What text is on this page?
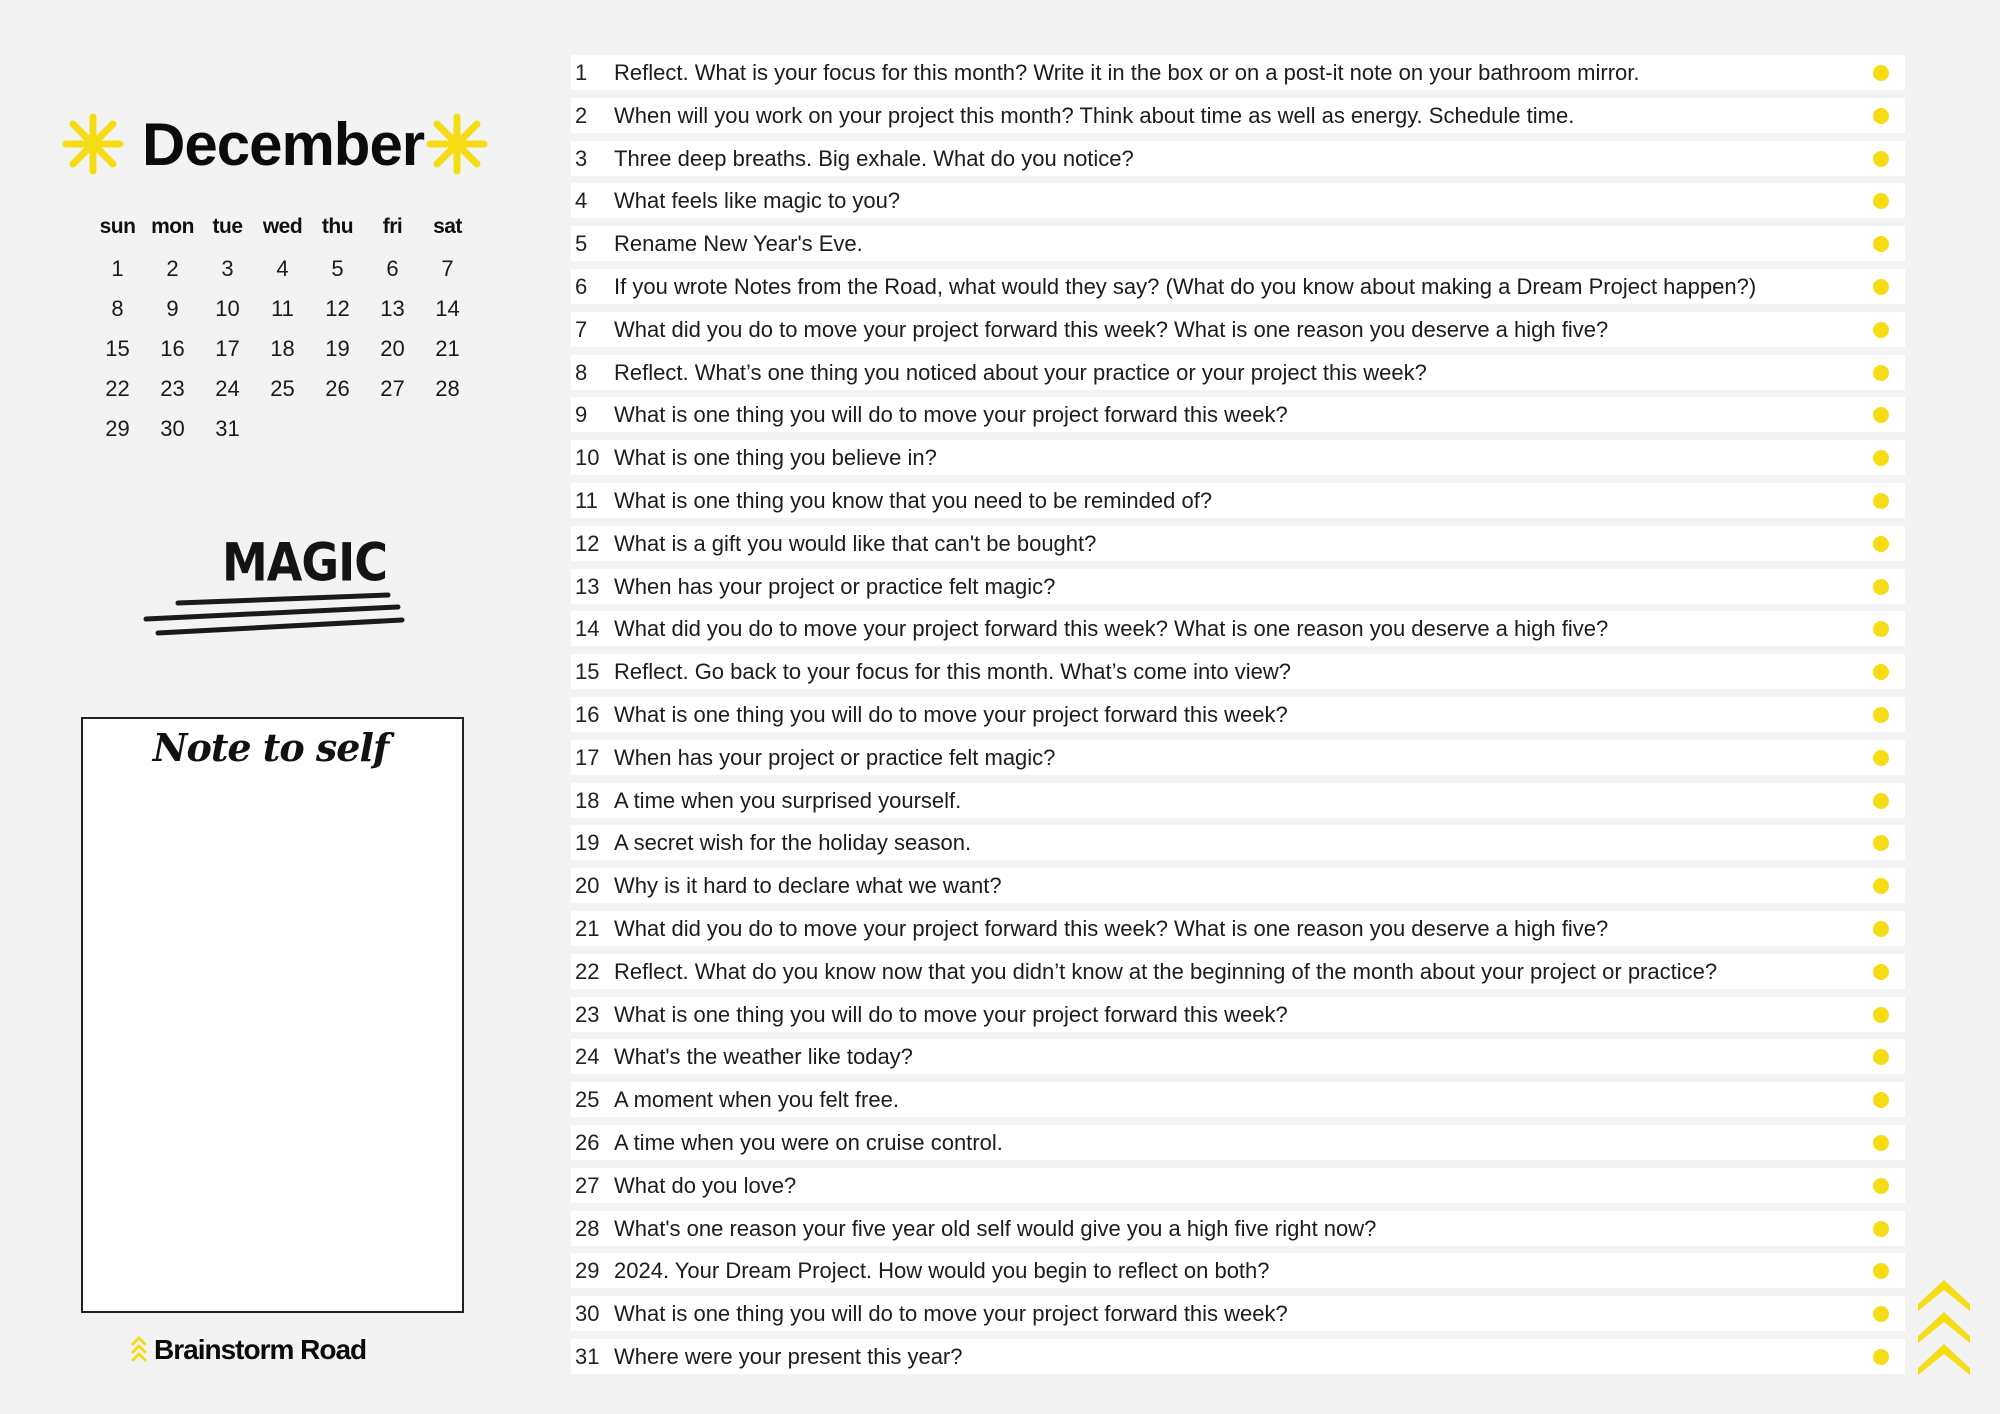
December
sun mon tue wed thu	fri	sat
1	2	3	4	5	6	7
8	9	10	11	12	13	14
15	16	17	18	19	20	21
22	23	24	25	26	27	28
29	30	31
MAGIC
Note to self
Brainstorm Road
1	Reflect. What is your focus for this month? Write it in the box or on a post-it note on your bathroom mirror.
2	When will you work on your project this month? Think about time as well as energy. Schedule time.
3	Three deep breaths. Big exhale. What do you notice?
4	What feels like magic to you?
5	Rename New Year's Eve.
6	If you wrote Notes from the Road, what would they say? (What do you know about making a Dream Project happen?)
7	What did you do to move your project forward this week? What is one reason you deserve a high five?
8	Reflect. What’s one thing you noticed about your practice or your project this week?
9	What is one thing you will do to move your project forward this week?
10 What is one thing you believe in?
11 What is one thing you know that you need to be reminded of?
12 What is a gift you would like that can't be bought?
13 When has your project or practice felt magic?
14 What did you do to move your project forward this week? What is one reason you deserve a high five?
15 Reflect. Go back to your focus for this month. What’s come into view?
16 What is one thing you will do to move your project forward this week?
17 When has your project or practice felt magic?
18 A time when you surprised yourself.
19 A secret wish for the holiday season.
20 Why is it hard to declare what we want?
21 What did you do to move your project forward this week? What is one reason you deserve a high five?
22 Reflect. What do you know now that you didn’t know at the beginning of the month about your project or practice?
23 What is one thing you will do to move your project forward this week?
24 What's the weather like today?
25 A moment when you felt free.
26 A time when you were on cruise control.
27 What do you love?
28 What's one reason your five year old self would give you a high five right now?
29 2024. Your Dream Project. How would you begin to reflect on both?
30 What is one thing you will do to move your project forward this week?
31 Where were your present this year?
